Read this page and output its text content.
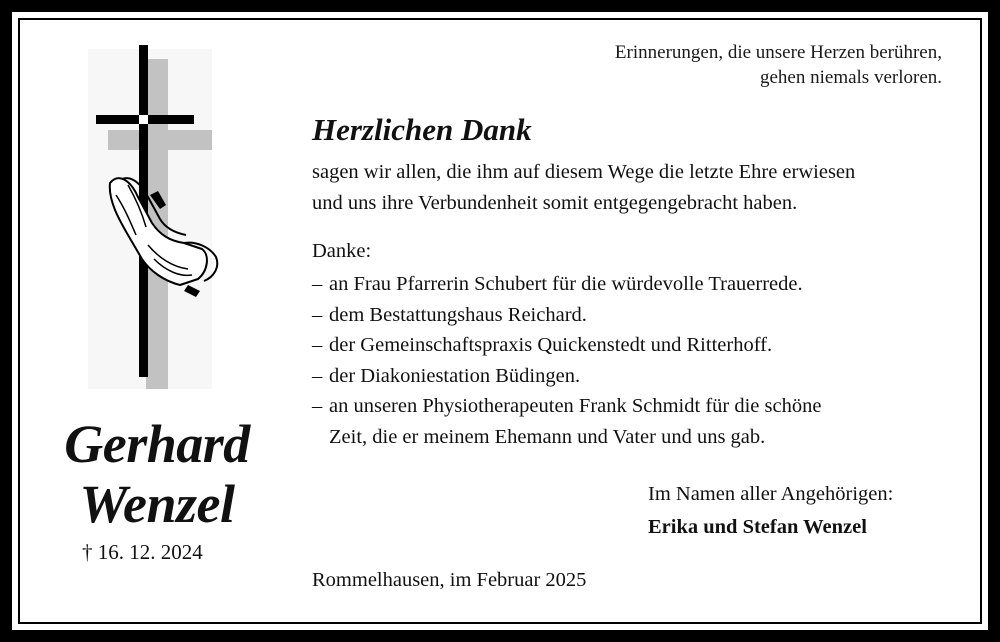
Erinnerungen, die unsere Herzen berühren,
gehen niemals verloren.
Herzlichen Dank
sagen wir allen, die ihm auf diesem Wege die letzte Ehre erwiesen
und uns ihre Verbundenheit somit entgegengebracht haben.
Danke:
– an Frau Pfarrerin Schubert für die würdevolle Trauerrede.
– dem Bestattungshaus Reichard.
– der Gemeinschaftspraxis Quickenstedt und Ritterhoff.
– der Diakoniestation Büdingen.
– an unseren Physiotherapeuten Frank Schmidt für die schöne
Zeit, die er meinem Ehemann und Vater und uns gab.
Im Namen aller Angehörigen:
Erika und Stefan Wenzel
Rommelhausen, im Februar 2025
Gerhard
Wenzel
† 16. 12. 2024
